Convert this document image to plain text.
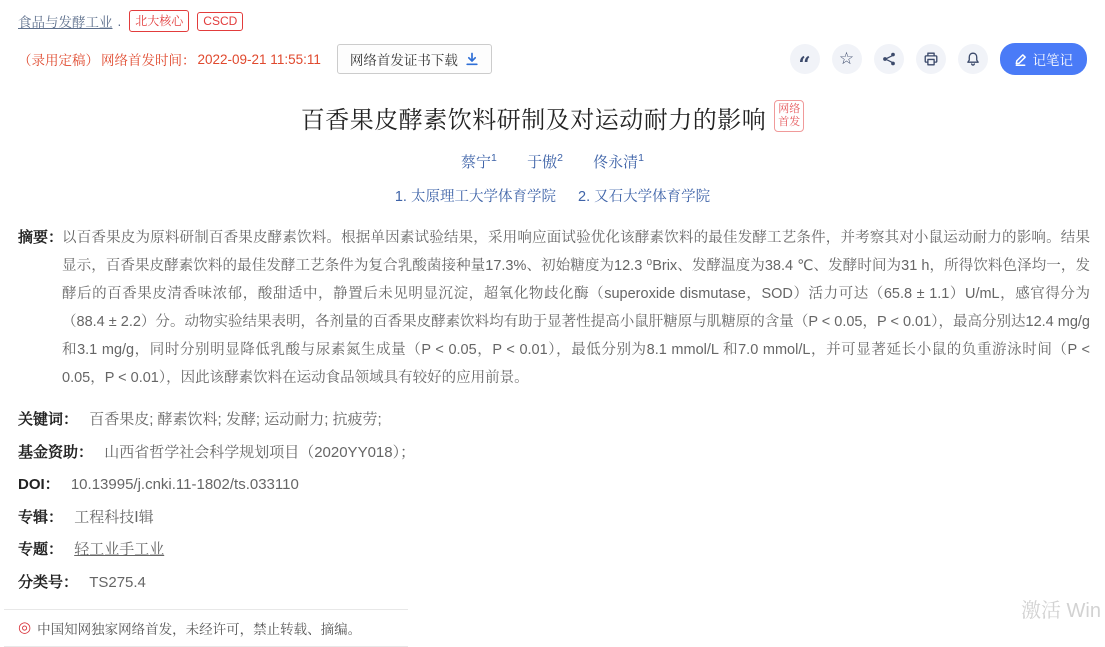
食品与发酵工业 .	北大核心	CSCD
（录用定稿） 网络首发时间： 2022-09-21 11:55:11 网络首发证书下载	“ ☆	记笔记
百香果皮酵素饮料研制及对运动耐力的影响	网络
首发
蔡宁$^1$ 于傲$^2$ 佟永清$^1$
1. 太原理工大学体育学院 2. 又石大学体育学院
摘要：
以百香果皮为原料研制百香果皮酵素饮料。根据单因素试验结果，采用响应面试验优化该酵素饮料的最佳发酵工艺条件，并考察其对小鼠运动耐力的影响。结果显示，百香果皮酵素饮料的最佳发酵工艺条件为复合乳酸菌接种量17.3%、初始糖度为12.3 ⁰Brix、发酵温度为38.4 ℃、发酵时间为31 h，所得饮料色泽均一，发酵后的百香果皮清香味浓郁，酸甜适中，静置后未见明显沉淀，超氧化物歧化酶（superoxide dismutase，SOD）活力可达（65.8 ± 1.1）U/mL，感官得分为（88.4 ± 2.2）分。动物实验结果表明，各剂量的百香果皮酵素饮料均有助于显著性提高小鼠肝糖原与肌糖原的含量（P < 0.05，P < 0.01），最高分别达12.4 mg/g 和3.1 mg/g，同时分别明显降低乳酸与尿素氮生成量（P < 0.05，P < 0.01），最低分别为8.1 mmol/L 和7.0 mmol/L，并可显著延长小鼠的负重游泳时间（P < 0.05，P < 0.01），因此该酵素饮料在运动食品领域具有较好的应用前景。
关键词： 百香果皮; 酵素饮料; 发酵; 运动耐力; 抗疲劳;
基金资助： 山西省哲学社会科学规划项目（2020YY018）；
DOI： 10.13995/j.cnki.11-1802/ts.033110
专辑： 工程科技Ⅰ辑
专题： 轻工业手工业
分类号： TS275.4
◎ 中国知网独家网络首发，未经许可，禁止转载、摘编。
激活 Win
